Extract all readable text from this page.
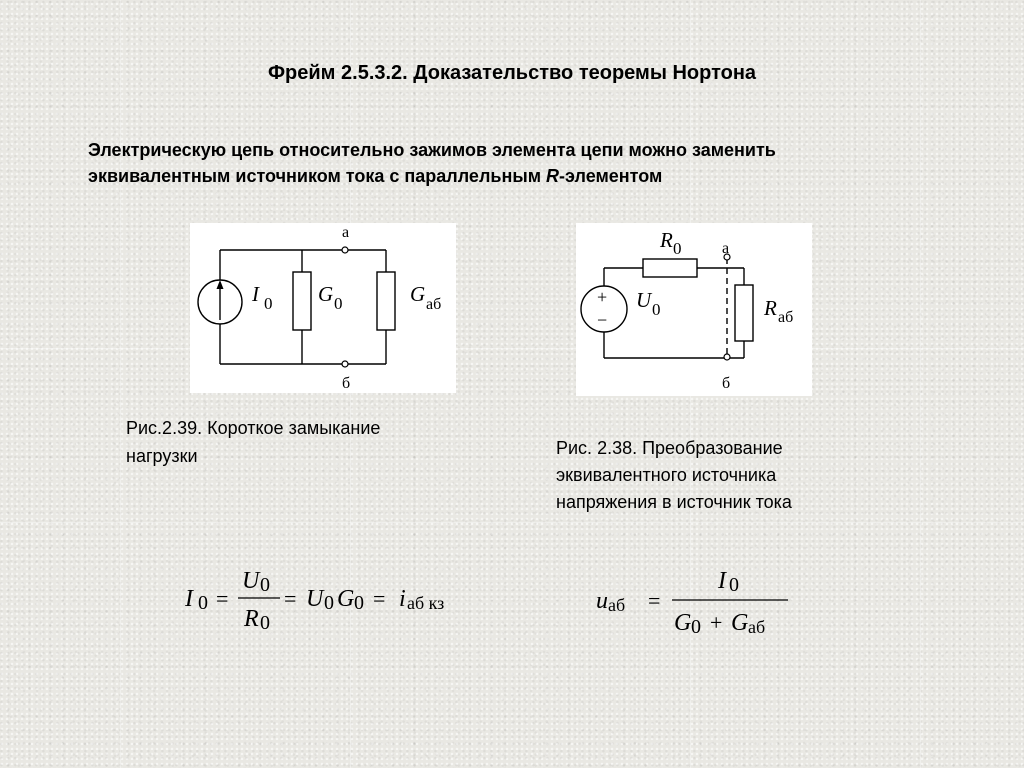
Фрейм 2.5.3.2. Доказательство теоремы Нортона
Электрическую цепь относительно зажимов элемента цепи можно заменить
эквивалентным источником тока с параллельным R-элементом
а
б
I 0 G 0	G аб	+
−
а
б
R 0
U 0	R аб
Рис.2.39. Короткое замыкание
нагрузки	Рис. 2.38. Преобразование
эквивалентного источника
напряжения в источник тока
I 0 =
U 0
R 0
= U 0 G 0 = i аб кз	u аб =
I 0
G 0 + G аб
